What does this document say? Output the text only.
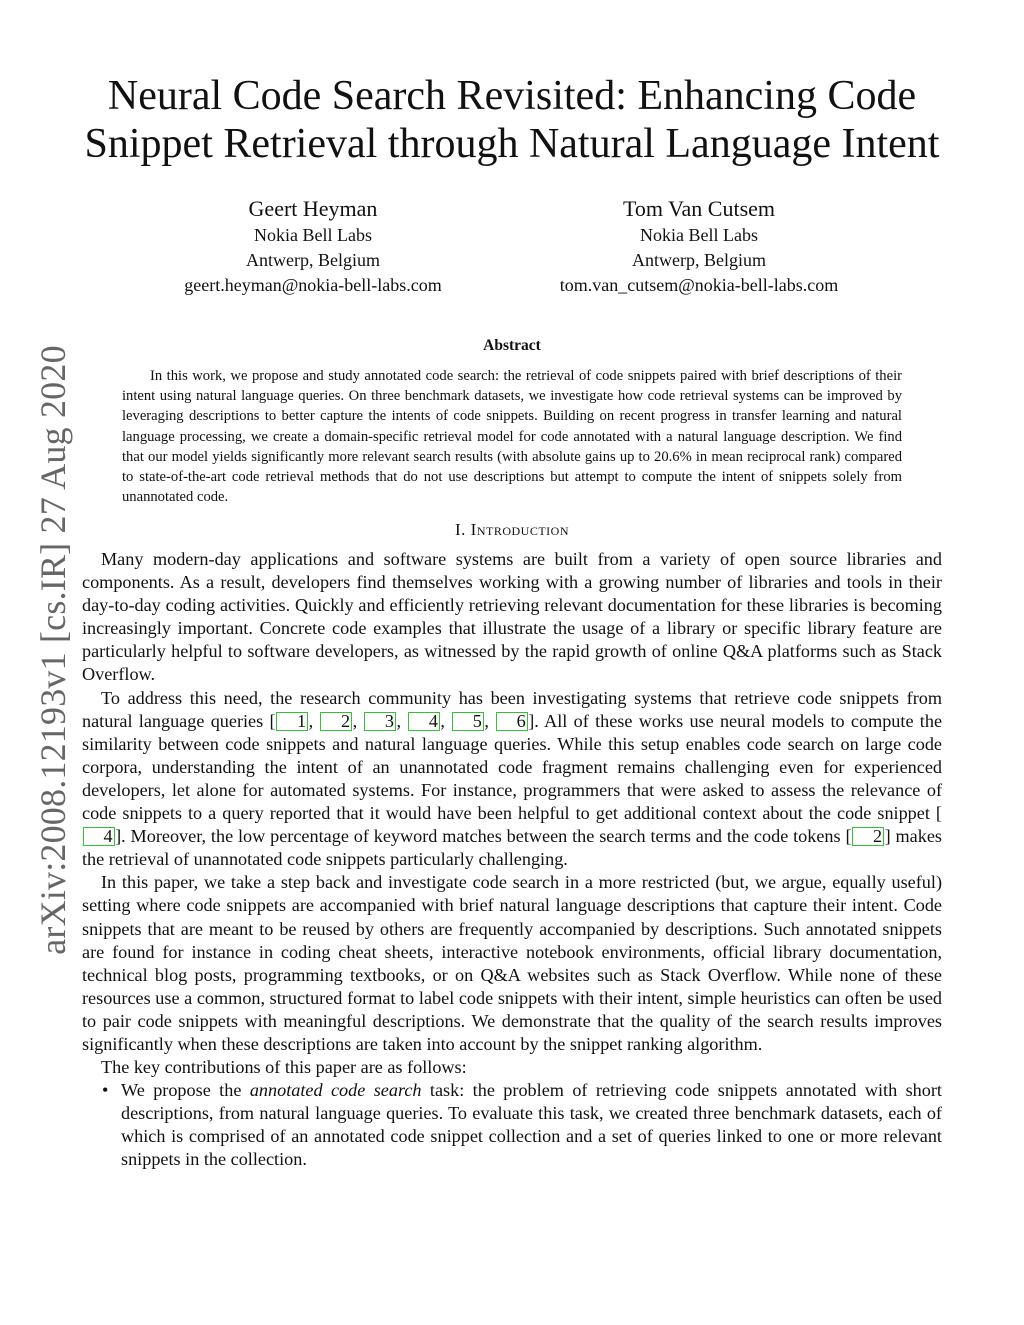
arXiv:2008.12193v1 [cs.IR] 27 Aug 2020
Neural Code Search Revisited: Enhancing Code
Snippet Retrieval through Natural Language Intent
Geert Heyman
Nokia Bell Labs
Antwerp, Belgium
geert.heyman@nokia-bell-labs.com
Tom Van Cutsem
Nokia Bell Labs
Antwerp, Belgium
tom.van_cutsem@nokia-bell-labs.com
Abstract

In this work, we propose and study annotated code search: the retrieval of code snippets paired with brief descriptions of their intent using natural language queries. On three benchmark datasets, we investigate how code retrieval systems can be improved by leveraging descriptions to better capture the intents of code snippets. Building on recent progress in transfer learning and natural language processing, we create a domain-specific retrieval model for code annotated with a natural language description. We find that our model yields significantly more relevant search results (with absolute gains up to 20.6% in mean reciprocal rank) compared to state-of-the-art code retrieval methods that do not use descriptions but attempt to compute the intent of snippets solely from unannotated code.

I. Introduction

Many modern-day applications and software systems are built from a variety of open source libraries and components. As a result, developers find themselves working with a growing number of libraries and tools in their day-to-day coding activities. Quickly and efficiently retrieving relevant documentation for these libraries is becoming increasingly important. Concrete code examples that illustrate the usage of a library or specific library feature are particularly helpful to software developers, as witnessed by the rapid growth of online Q&A platforms such as Stack Overflow.

To address this need, the research community has been investigating systems that retrieve code snippets from natural language queries [ 1 , 2 , 3 , 4 , 5 , 6 ]. All of these works use neural models to compute the similarity between code snippets and natural language queries. While this setup enables code search on large code corpora, understanding the intent of an unannotated code fragment remains challenging even for experienced developers, let alone for automated systems. For instance, programmers that were asked to assess the relevance of code snippets to a query reported that it would have been helpful to get additional context about the code snippet [4 ]. Moreover, the low percentage of keyword matches between the search terms and the code tokens [ 2 ] makes the retrieval of unannotated code snippets particularly challenging.

In this paper, we take a step back and investigate code search in a more restricted (but, we argue, equally useful) setting where code snippets are accompanied with brief natural language descriptions that capture their intent. Code snippets that are meant to be reused by others are frequently accompanied by descriptions. Such annotated snippets are found for instance in coding cheat sheets, interactive notebook environments, official library documentation, technical blog posts, programming textbooks, or on Q&A websites such as Stack Overflow. While none of these resources use a common, structured format to label code snippets with their intent, simple heuristics can often be used to pair code snippets with meaningful descriptions. We demonstrate that the quality of the search results improves significantly when these descriptions are taken into account by the snippet ranking algorithm.

The key contributions of this paper are as follows:

• We propose the annotated code search task: the problem of retrieving code snippets annotated with short descriptions, from natural language queries. To evaluate this task, we created three benchmark datasets, each of which is comprised of an annotated code snippet collection and a set of queries linked to one or more relevant snippets in the collection.
